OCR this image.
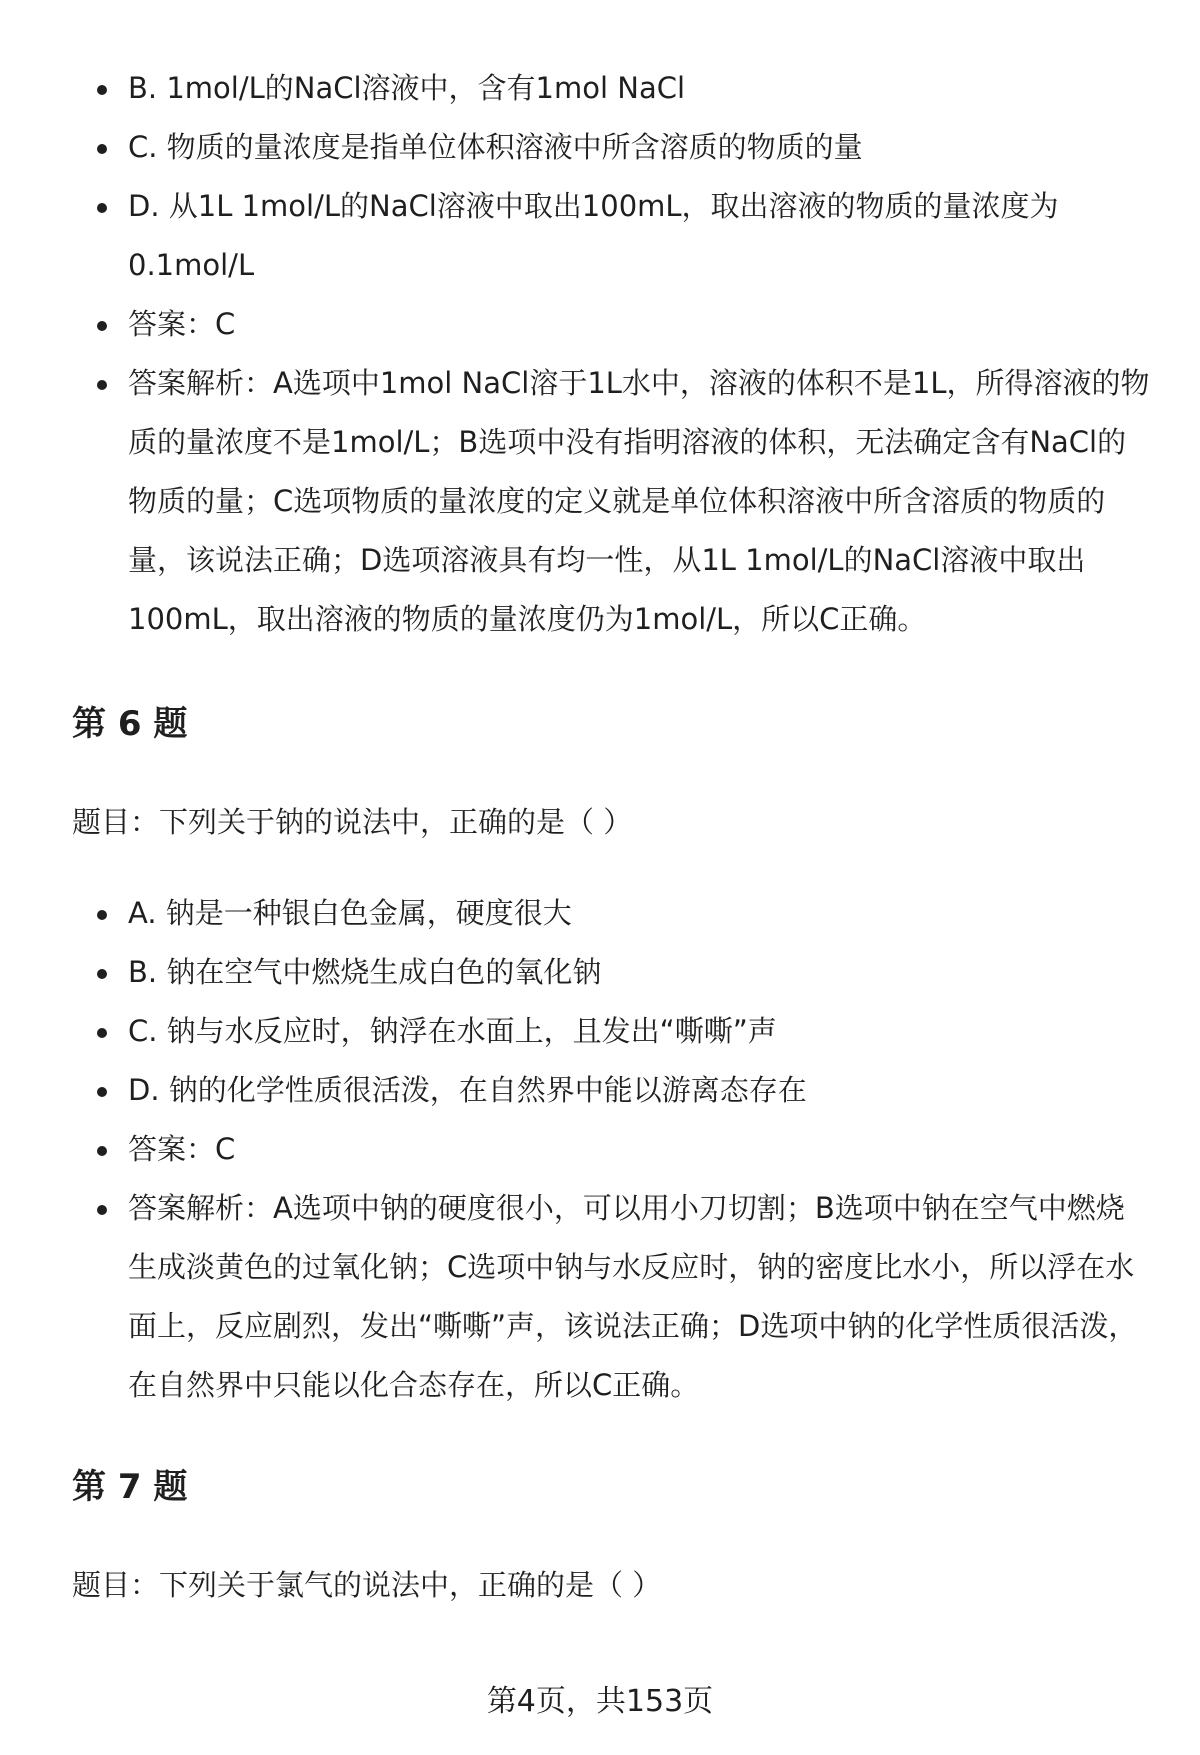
B. 1mol/L的NaCl溶液中，含有1mol NaCl
C. 物质的量浓度是指单位体积溶液中所含溶质的物质的量
D. 从1L 1mol/L的NaCl溶液中取出100mL，取出溶液的物质的量浓度为0.1mol/L
答案：C
答案解析：A选项中1mol NaCl溶于1L水中，溶液的体积不是1L，所得溶液的物质的量浓度不是1mol/L；B选项中没有指明溶液的体积，无法确定含有NaCl的物质的量；C选项物质的量浓度的定义就是单位体积溶液中所含溶质的物质的量，该说法正确；D选项溶液具有均一性，从1L 1mol/L的NaCl溶液中取出100mL，取出溶液的物质的量浓度仍为1mol/L，所以C正确。
第 6 题
题目：下列关于钠的说法中，正确的是（ ）
A. 钠是一种银白色金属，硬度很大
B. 钠在空气中燃烧生成白色的氧化钠
C. 钠与水反应时，钠浮在水面上，且发出“嘶嘶”声
D. 钠的化学性质很活泼，在自然界中能以游离态存在
答案：C
答案解析：A选项中钠的硬度很小，可以用小刀切割；B选项中钠在空气中燃烧生成淡黄色的过氧化钠；C选项中钠与水反应时，钠的密度比水小，所以浮在水面上，反应剧烈，发出“嘶嘶”声，该说法正确；D选项中钠的化学性质很活泼，在自然界中只能以化合态存在，所以C正确。
第 7 题
题目：下列关于氯气的说法中，正确的是（ ）
第4页，共153页
